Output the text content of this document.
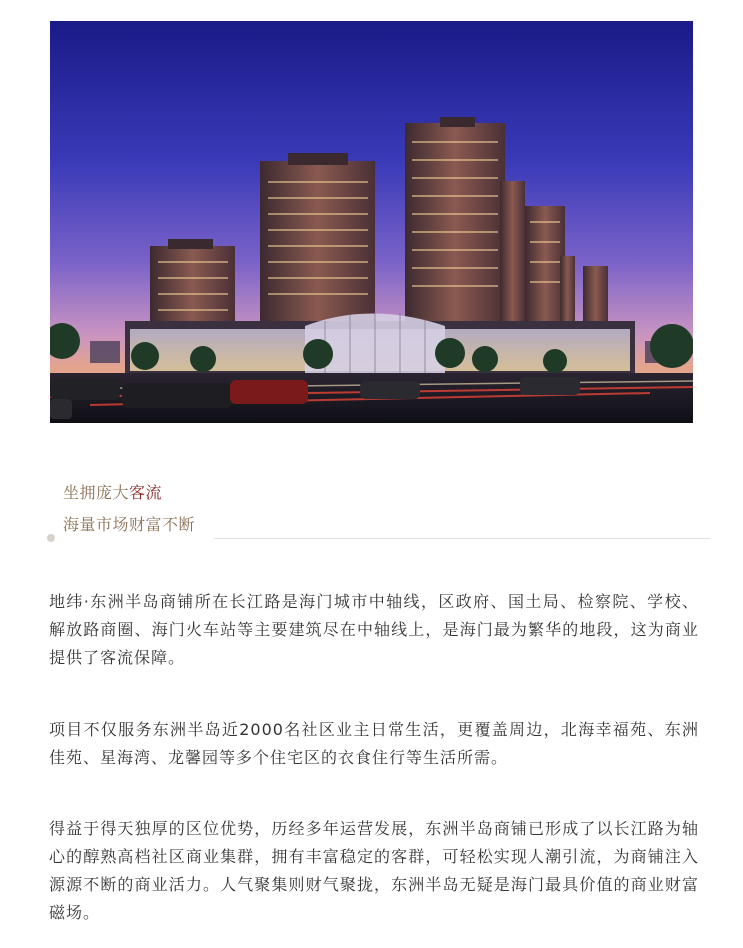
坐拥庞大客流
海量市场财富不断

地纬·东洲半岛商铺所在长江路是海门城市中轴线，区政府、国土局、检察院、学校、解放路商圈、海门火车站等主要建筑尽在中轴线上，是海门最为繁华的地段，这为商业提供了客流保障。

项目不仅服务东洲半岛近2000名社区业主日常生活，更覆盖周边，北海幸福苑、东洲佳苑、星海湾、龙馨园等多个住宅区的衣食住行等生活所需。

得益于得天独厚的区位优势，历经多年运营发展，东洲半岛商铺已形成了以长江路为轴心的醇熟高档社区商业集群，拥有丰富稳定的客群，可轻松实现人潮引流，为商铺注入源源不断的商业活力。人气聚集则财气聚拢，东洲半岛无疑是海门最具价值的商业财富磁场。
